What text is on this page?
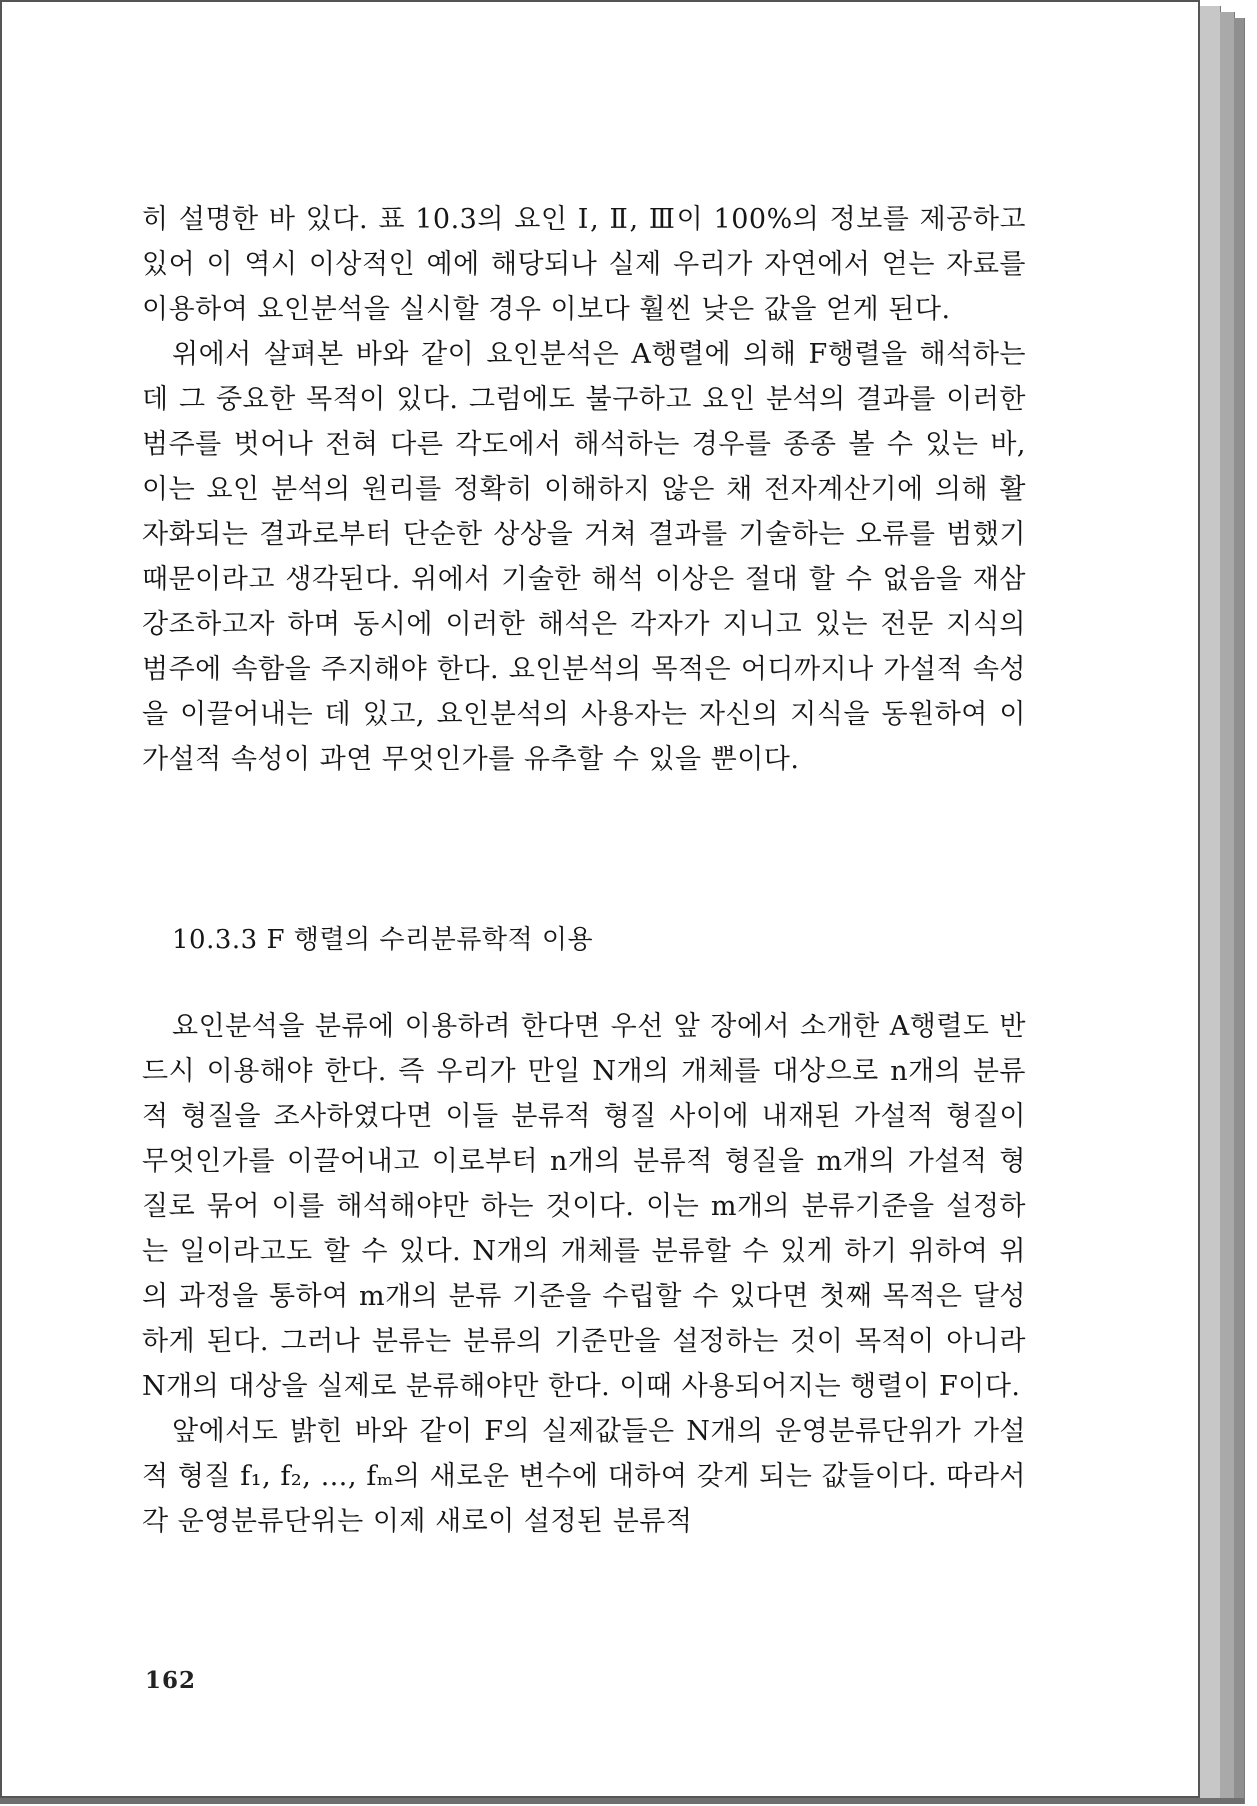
히 설명한 바 있다. 표 10.3의 요인 Ⅰ, Ⅱ, Ⅲ이 100%의 정보를 제공하고 있어 이 역시 이상적인 예에 해당되나 실제 우리가 자연에서 얻는 자료를 이용하여 요인분석을 실시할 경우 이보다 훨씬 낮은 값을 얻게 된다.

위에서 살펴본 바와 같이 요인분석은 A행렬에 의해 F행렬을 해석하는 데 그 중요한 목적이 있다. 그럼에도 불구하고 요인 분석의 결과를 이러한 범주를 벗어나 전혀 다른 각도에서 해석하는 경우를 종종 볼 수 있는 바, 이는 요인 분석의 원리를 정확히 이해하지 않은 채 전자계산기에 의해 활자화되는 결과로부터 단순한 상상을 거쳐 결과를 기술하는 오류를 범했기 때문이라고 생각된다. 위에서 기술한 해석 이상은 절대 할 수 없음을 재삼 강조하고자 하며 동시에 이러한 해석은 각자가 지니고 있는 전문 지식의 범주에 속함을 주지해야 한다. 요인분석의 목적은 어디까지나 가설적 속성을 이끌어내는 데 있고, 요인분석의 사용자는 자신의 지식을 동원하여 이 가설적 속성이 과연 무엇인가를 유추할 수 있을 뿐이다.

10.3.3 F 행렬의 수리분류학적 이용

요인분석을 분류에 이용하려 한다면 우선 앞 장에서 소개한 A행렬도 반드시 이용해야 한다. 즉 우리가 만일 N개의 개체를 대상으로 n개의 분류적 형질을 조사하였다면 이들 분류적 형질 사이에 내재된 가설적 형질이 무엇인가를 이끌어내고 이로부터 n개의 분류적 형질을 m개의 가설적 형질로 묶어 이를 해석해야만 하는 것이다. 이는 m개의 분류기준을 설정하는 일이라고도 할 수 있다. N개의 개체를 분류할 수 있게 하기 위하여 위의 과정을 통하여 m개의 분류 기준을 수립할 수 있다면 첫째 목적은 달성하게 된다. 그러나 분류는 분류의 기준만을 설정하는 것이 목적이 아니라 N개의 대상을 실제로 분류해야만 한다. 이때 사용되어지는 행렬이 F이다.

앞에서도 밝힌 바와 같이 F의 실제값들은 N개의 운영분류단위가 가설적 형질 f₁, f₂, …, fₘ의 새로운 변수에 대하여 갖게 되는 값들이다. 따라서 각 운영분류단위는 이제 새로이 설정된 분류적

162
